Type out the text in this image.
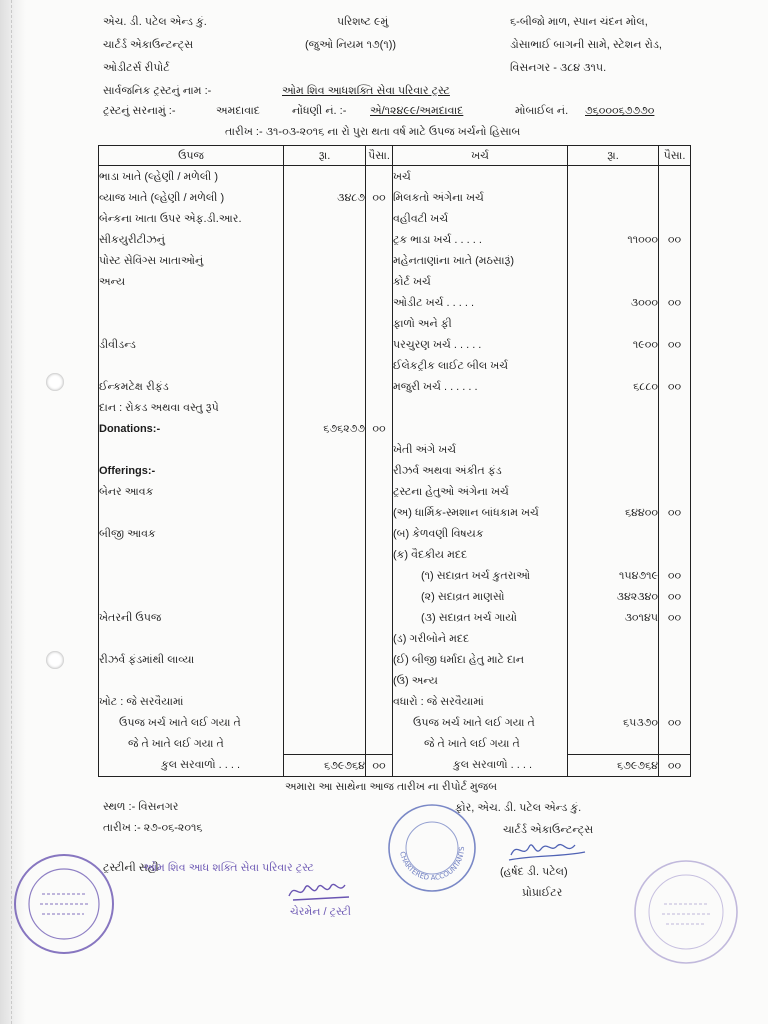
એચ. ડી. પટેલ એન્ડ કું.
ચાર્ટર્ડ એકાઉન્ટન્ટ્સ
ઓડીટર્સ રીપોર્ટ
પરિશષ્ટ ૯મું
(જુઓ નિયમ ૧૭(૧))
૬-બીજો માળ, સ્પાન ચંદન મોલ,
ડોસાભાઈ બાગની સામે, સ્ટેશન રોડ,
વિસનગર - ૩૮૪ ૩૧૫.
સાર્વજનિક ટ્રસ્ટનું નામ :-	ઓમ શિવ આધશક્તિ સેવા પરિવાર ટ્રસ્ટ
ટ્રસ્ટનું સરનામું :-	અમદાવાદ	નોંધણી નં. :- એ/૧૨૪૯૯/અમદાવાદ	મોબાઈલ નં. ૭૬૦૦૦૬૭૭૭૦
તારીખ :- ૩૧-૦૩-૨૦૧૬ ના રો પુરા થતા વર્ષ માટે ઉપજ ખર્ચનો હિસાબ
ઉપજ	રૂા.	પૈસા.	ખર્ચ	રૂા.	પૈસા.
ભાડા ખાતે (લ્હેણી / મળેલી )			ખર્ચ		
વ્યાજ ખાતે (લ્હેણી / મળેલી )	૩૪૮૭	૦૦	મિલકતો અંગેના ખર્ચ		
બેન્કના ખાતા ઉપર એફ.ડી.આર.			વહીવટી ખર્ચ		
સીકયુરીટીઝનું			ટ્રક ભાડા ખર્ચ . . . . .	૧૧૦૦૦	૦૦
પોસ્ટ સેવિંગ્સ ખાતાઓનું			મહેનતાણાંના ખાતે (મઠસારૂં)		
અન્ય			કોર્ટ ખર્ચ		
			ઓડીટ ખર્ચ . . . . .	૩૦૦૦	૦૦
			ફાળો અને ફી		
ડીવીડન્ડ			પરચુરણ ખર્ચ . . . . .	૧૯૦૦	૦૦
			ઈલેકટ્રીક લાઈટ બીલ ખર્ચ		
ઈન્કમટેક્ષ રીફંડ			મજુરી ખર્ચ . . . . . .	૬૮૮૦	૦૦
દાન : રોકડ અથવા વસ્તુ રૂપે					
Donations:-	૬૭૬૨૭૭	૦૦			
			ખેતી અંગે ખર્ચ		
Offerings:-			રીઝર્વ અથવા અંકીત ફંડ		
બેનર આવક			ટ્રસ્ટના હેતુઓ અંગેના ખર્ચ		
			(અ) ધાર્મિક-સ્મશાન બાંધકામ ખર્ચ	૬૪૪૦૦	૦૦
બીજી આવક			(બ) કેળવણી વિષયક		
			(ક) વૈદકીય મદદ		
			(૧) સદાવ્રત ખર્ચ કુતરાઓ	૧૫૪૭૧૯	૦૦
			(૨) સદાવ્રત માણસો	૩૪૨૩૪૦	૦૦
ખેતરની ઉપજ			(૩) સદાવ્રત ખર્ચ ગાયો	૩૦૧૪૫	૦૦
			(ડ) ગરીબોને મદદ		
રીઝર્વ ફંડમાંથી લાવ્યા			(ઈ) બીજી ધર્માદા હેતુ માટે દાન		
			(ઉ) અન્ય		
ખોટ : જે સરવૈયામાં			વધારો : જે સરવૈયામાં		
ઉપજ ખર્ચ ખાતે લઈ ગયા તે			ઉપજ ખર્ચ ખાતે લઈ ગયા તે	૬૫૩૭૦	૦૦
જે તે ખાતે લઈ ગયા તે			જે તે ખાતે લઈ ગયા તે		
કુલ સરવાળો . . . .	૬૭૯૭૬૪	૦૦	કુલ સરવાળો . . . .	૬૭૯૭૬૪	૦૦
અમારા આ સાથેના આજ તારીખ ના રીપોર્ટ મુજબ
સ્થળ :- વિસનગર	ફોર, એચ. ડી. પટેલ એન્ડ કું.
તારીખ :- ૨૭-૦૬-૨૦૧૬	ચાર્ટર્ડ એકાઉન્ટન્ટ્સ
ટ્રસ્ટીની સહી
ઓમ શિવ આધ શક્તિ સેવા પરિવાર ટ્રસ્ટ
ચેરમેન / ટ્રસ્ટી
CHARTERED ACCOUNTANTS
(હર્ષદ ડી. પટેલ)
પ્રોપ્રાઈટર
